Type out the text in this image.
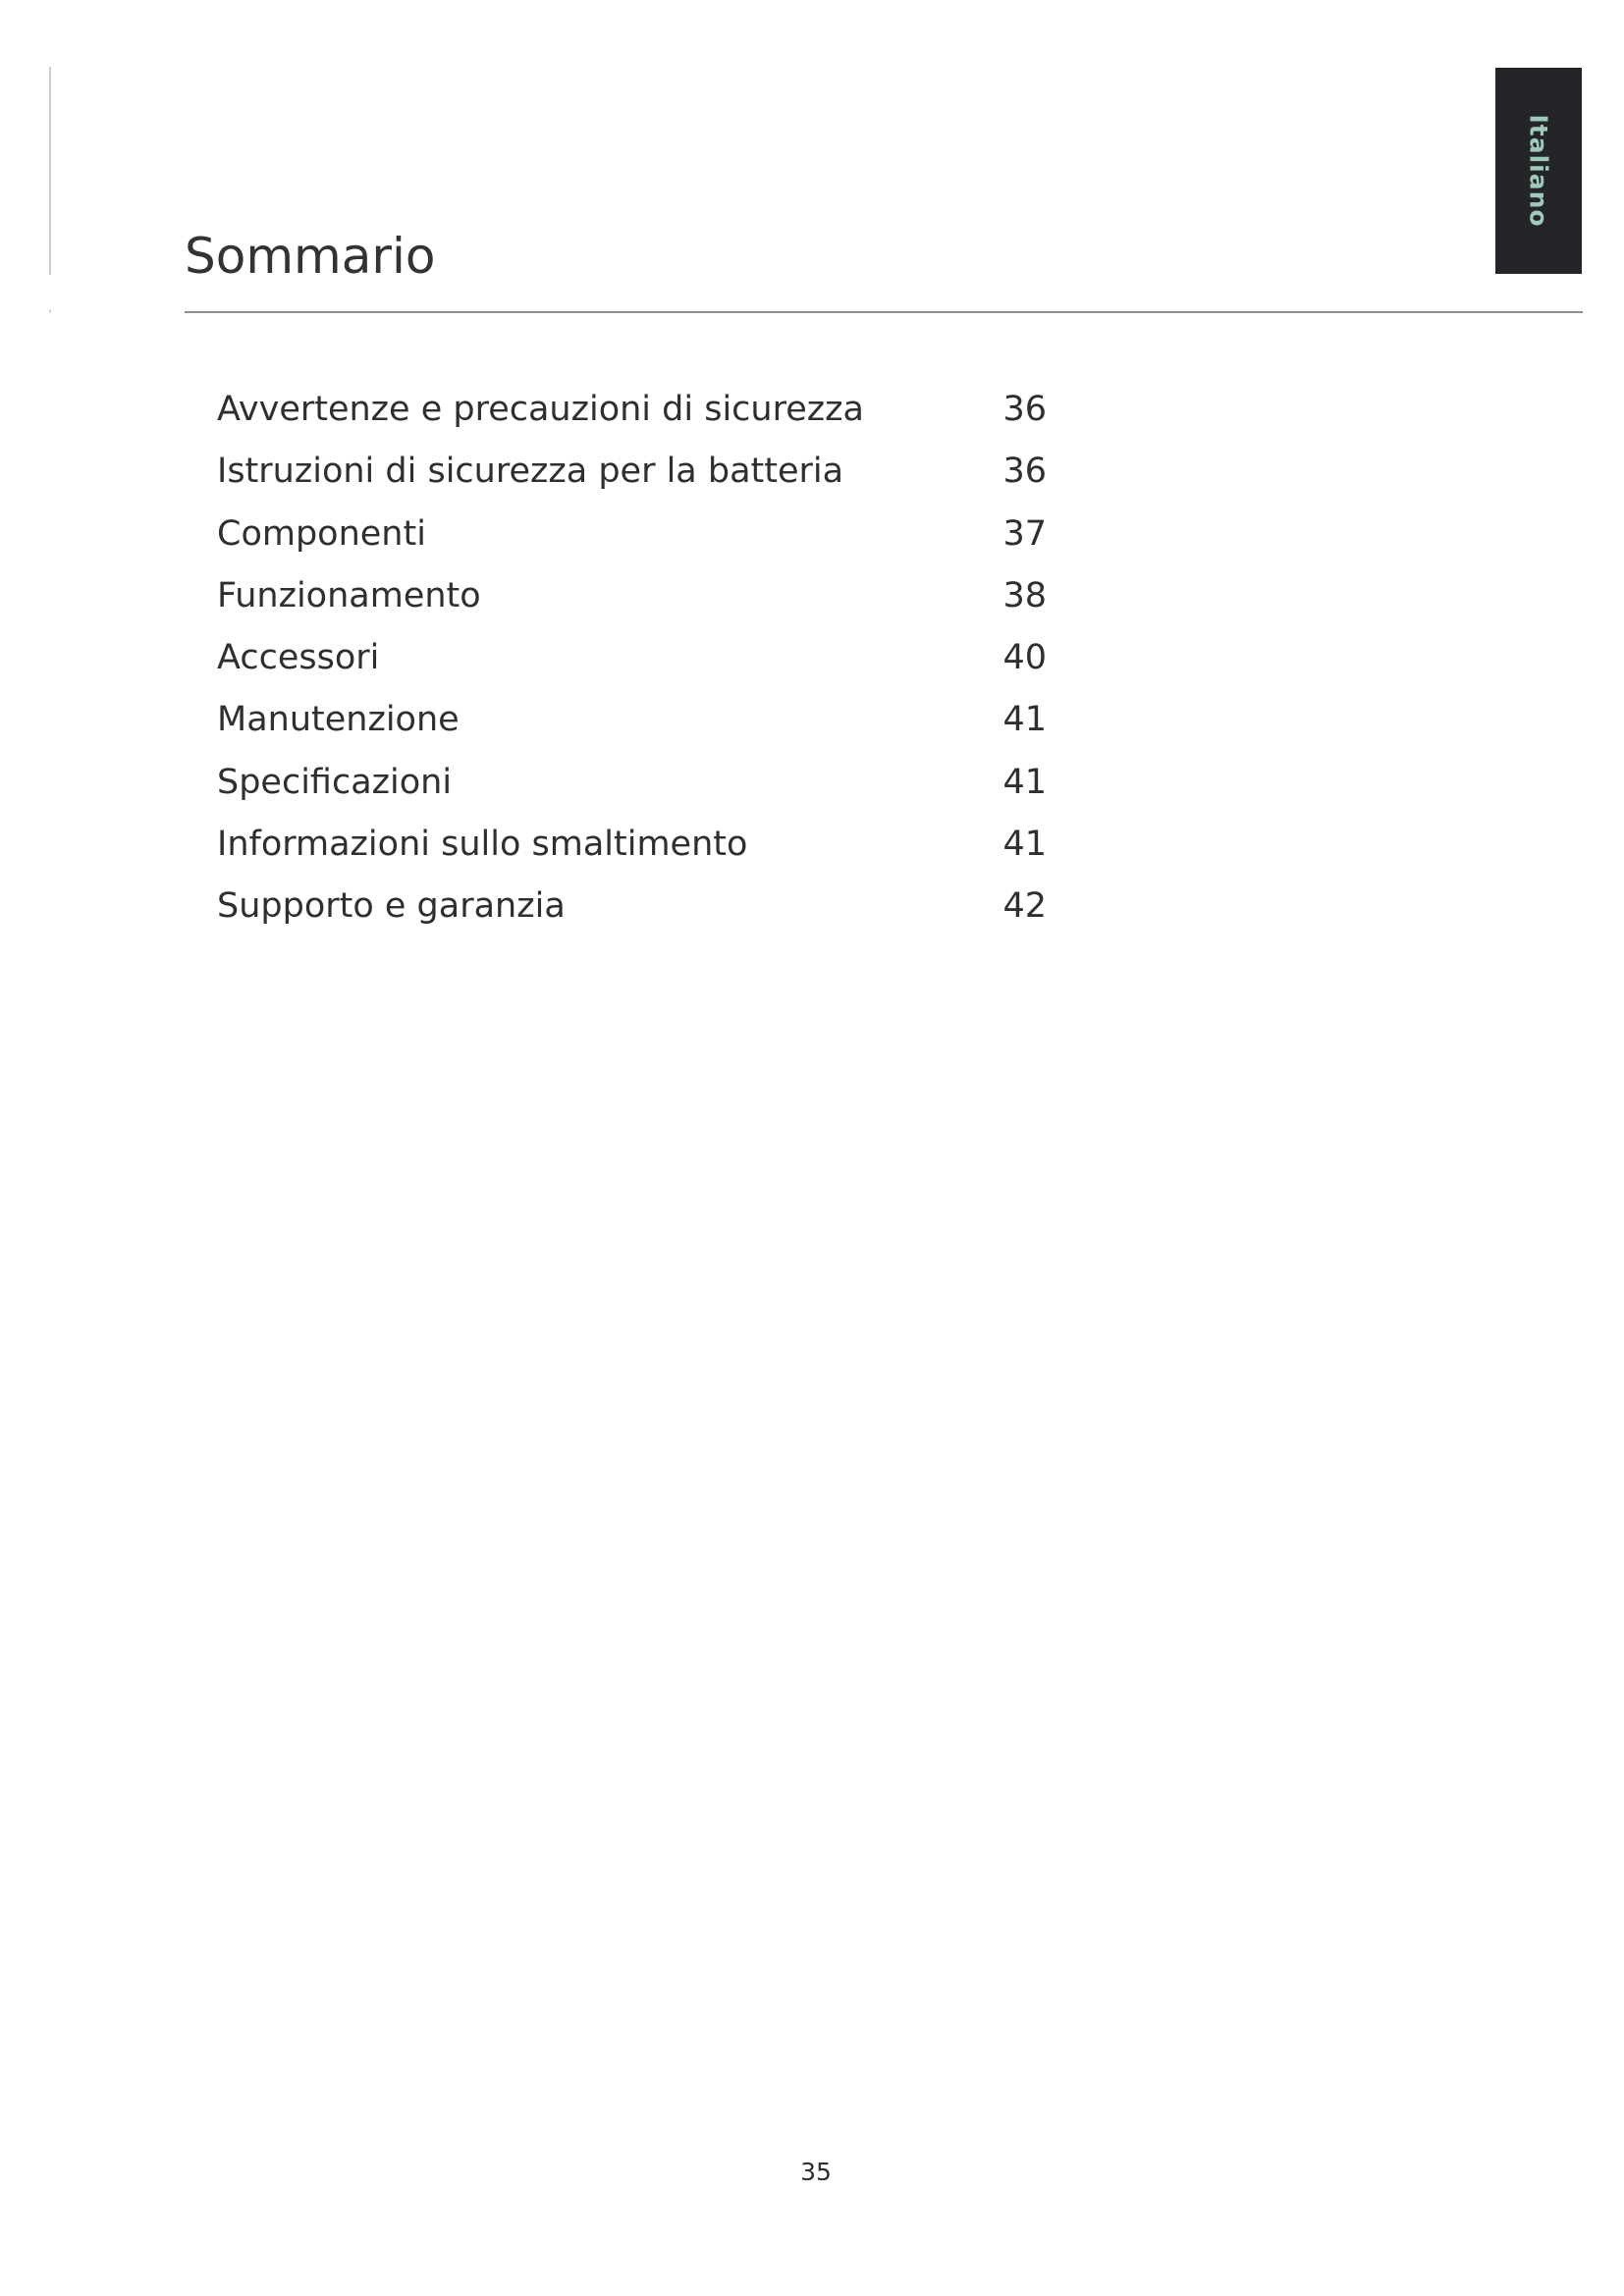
Italiano
Sommario
Avvertenze e precauzioni di sicurezza	36
Istruzioni di sicurezza per la batteria	36
Componenti	37
Funzionamento	38
Accessori	40
Manutenzione	41
Specificazioni	41
Informazioni sullo smaltimento	41
Supporto e garanzia	42
35
